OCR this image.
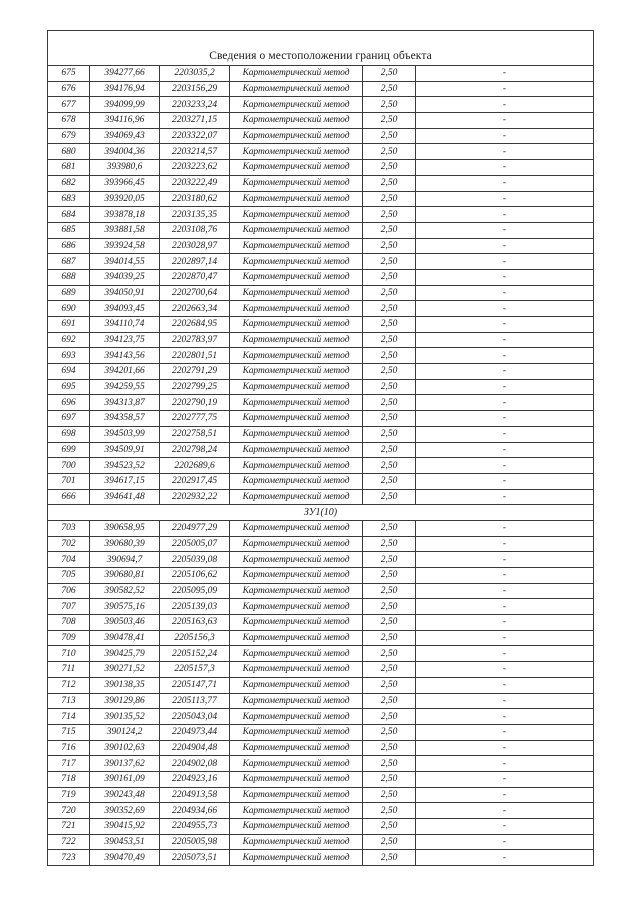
Сведения о местоположении границ объекта					
675	394277,66	2203035,2	Картометрический метод	2,50	-
676	394176,94	2203156,29	Картометрический метод	2,50	-
677	394099,99	2203233,24	Картометрический метод	2,50	-
678	394116,96	2203271,15	Картометрический метод	2,50	-
679	394069,43	2203322,07	Картометрический метод	2,50	-
680	394004,36	2203214,57	Картометрический метод	2,50	-
681	393980,6	2203223,62	Картометрический метод	2,50	-
682	393966,45	2203222,49	Картометрический метод	2,50	-
683	393920,05	2203180,62	Картометрический метод	2,50	-
684	393878,18	2203135,35	Картометрический метод	2,50	-
685	393881,58	2203108,76	Картометрический метод	2,50	-
686	393924,58	2203028,97	Картометрический метод	2,50	-
687	394014,55	2202897,14	Картометрический метод	2,50	-
688	394039,25	2202870,47	Картометрический метод	2,50	-
689	394050,91	2202700,64	Картометрический метод	2,50	-
690	394093,45	2202663,34	Картометрический метод	2,50	-
691	394110,74	2202684,95	Картометрический метод	2,50	-
692	394123,75	2202783,97	Картометрический метод	2,50	-
693	394143,56	2202801,51	Картометрический метод	2,50	-
694	394201,66	2202791,29	Картометрический метод	2,50	-
695	394259,55	2202799,25	Картометрический метод	2,50	-
696	394313,87	2202790,19	Картометрический метод	2,50	-
697	394358,57	2202777,75	Картометрический метод	2,50	-
698	394503,99	2202758,51	Картометрический метод	2,50	-
699	394509,91	2202798,24	Картометрический метод	2,50	-
700	394523,52	2202689,6	Картометрический метод	2,50	-
701	394617,15	2202917,45	Картометрический метод	2,50	-
666	394641,48	2202932,22	Картометрический метод	2,50	-
ЗУ1(10)					
703	390658,95	2204977,29	Картометрический метод	2,50	-
702	390680,39	2205005,07	Картометрический метод	2,50	-
704	390694,7	2205039,08	Картометрический метод	2,50	-
705	390680,81	2205106,62	Картометрический метод	2,50	-
706	390582,52	2205095,09	Картометрический метод	2,50	-
707	390575,16	2205139,03	Картометрический метод	2,50	-
708	390503,46	2205163,63	Картометрический метод	2,50	-
709	390478,41	2205156,3	Картометрический метод	2,50	-
710	390425,79	2205152,24	Картометрический метод	2,50	-
711	390271,52	2205157,3	Картометрический метод	2,50	-
712	390138,35	2205147,71	Картометрический метод	2,50	-
713	390129,86	2205113,77	Картометрический метод	2,50	-
714	390135,52	2205043,04	Картометрический метод	2,50	-
715	390124,2	2204973,44	Картометрический метод	2,50	-
716	390102,63	2204904,48	Картометрический метод	2,50	-
717	390137,62	2204902,08	Картометрический метод	2,50	-
718	390161,09	2204923,16	Картометрический метод	2,50	-
719	390243,48	2204913,58	Картометрический метод	2,50	-
720	390352,69	2204934,66	Картометрический метод	2,50	-
721	390415,92	2204955,73	Картометрический метод	2,50	-
722	390453,51	2205005,98	Картометрический метод	2,50	-
723	390470,49	2205073,51	Картометрический метод	2,50	-
